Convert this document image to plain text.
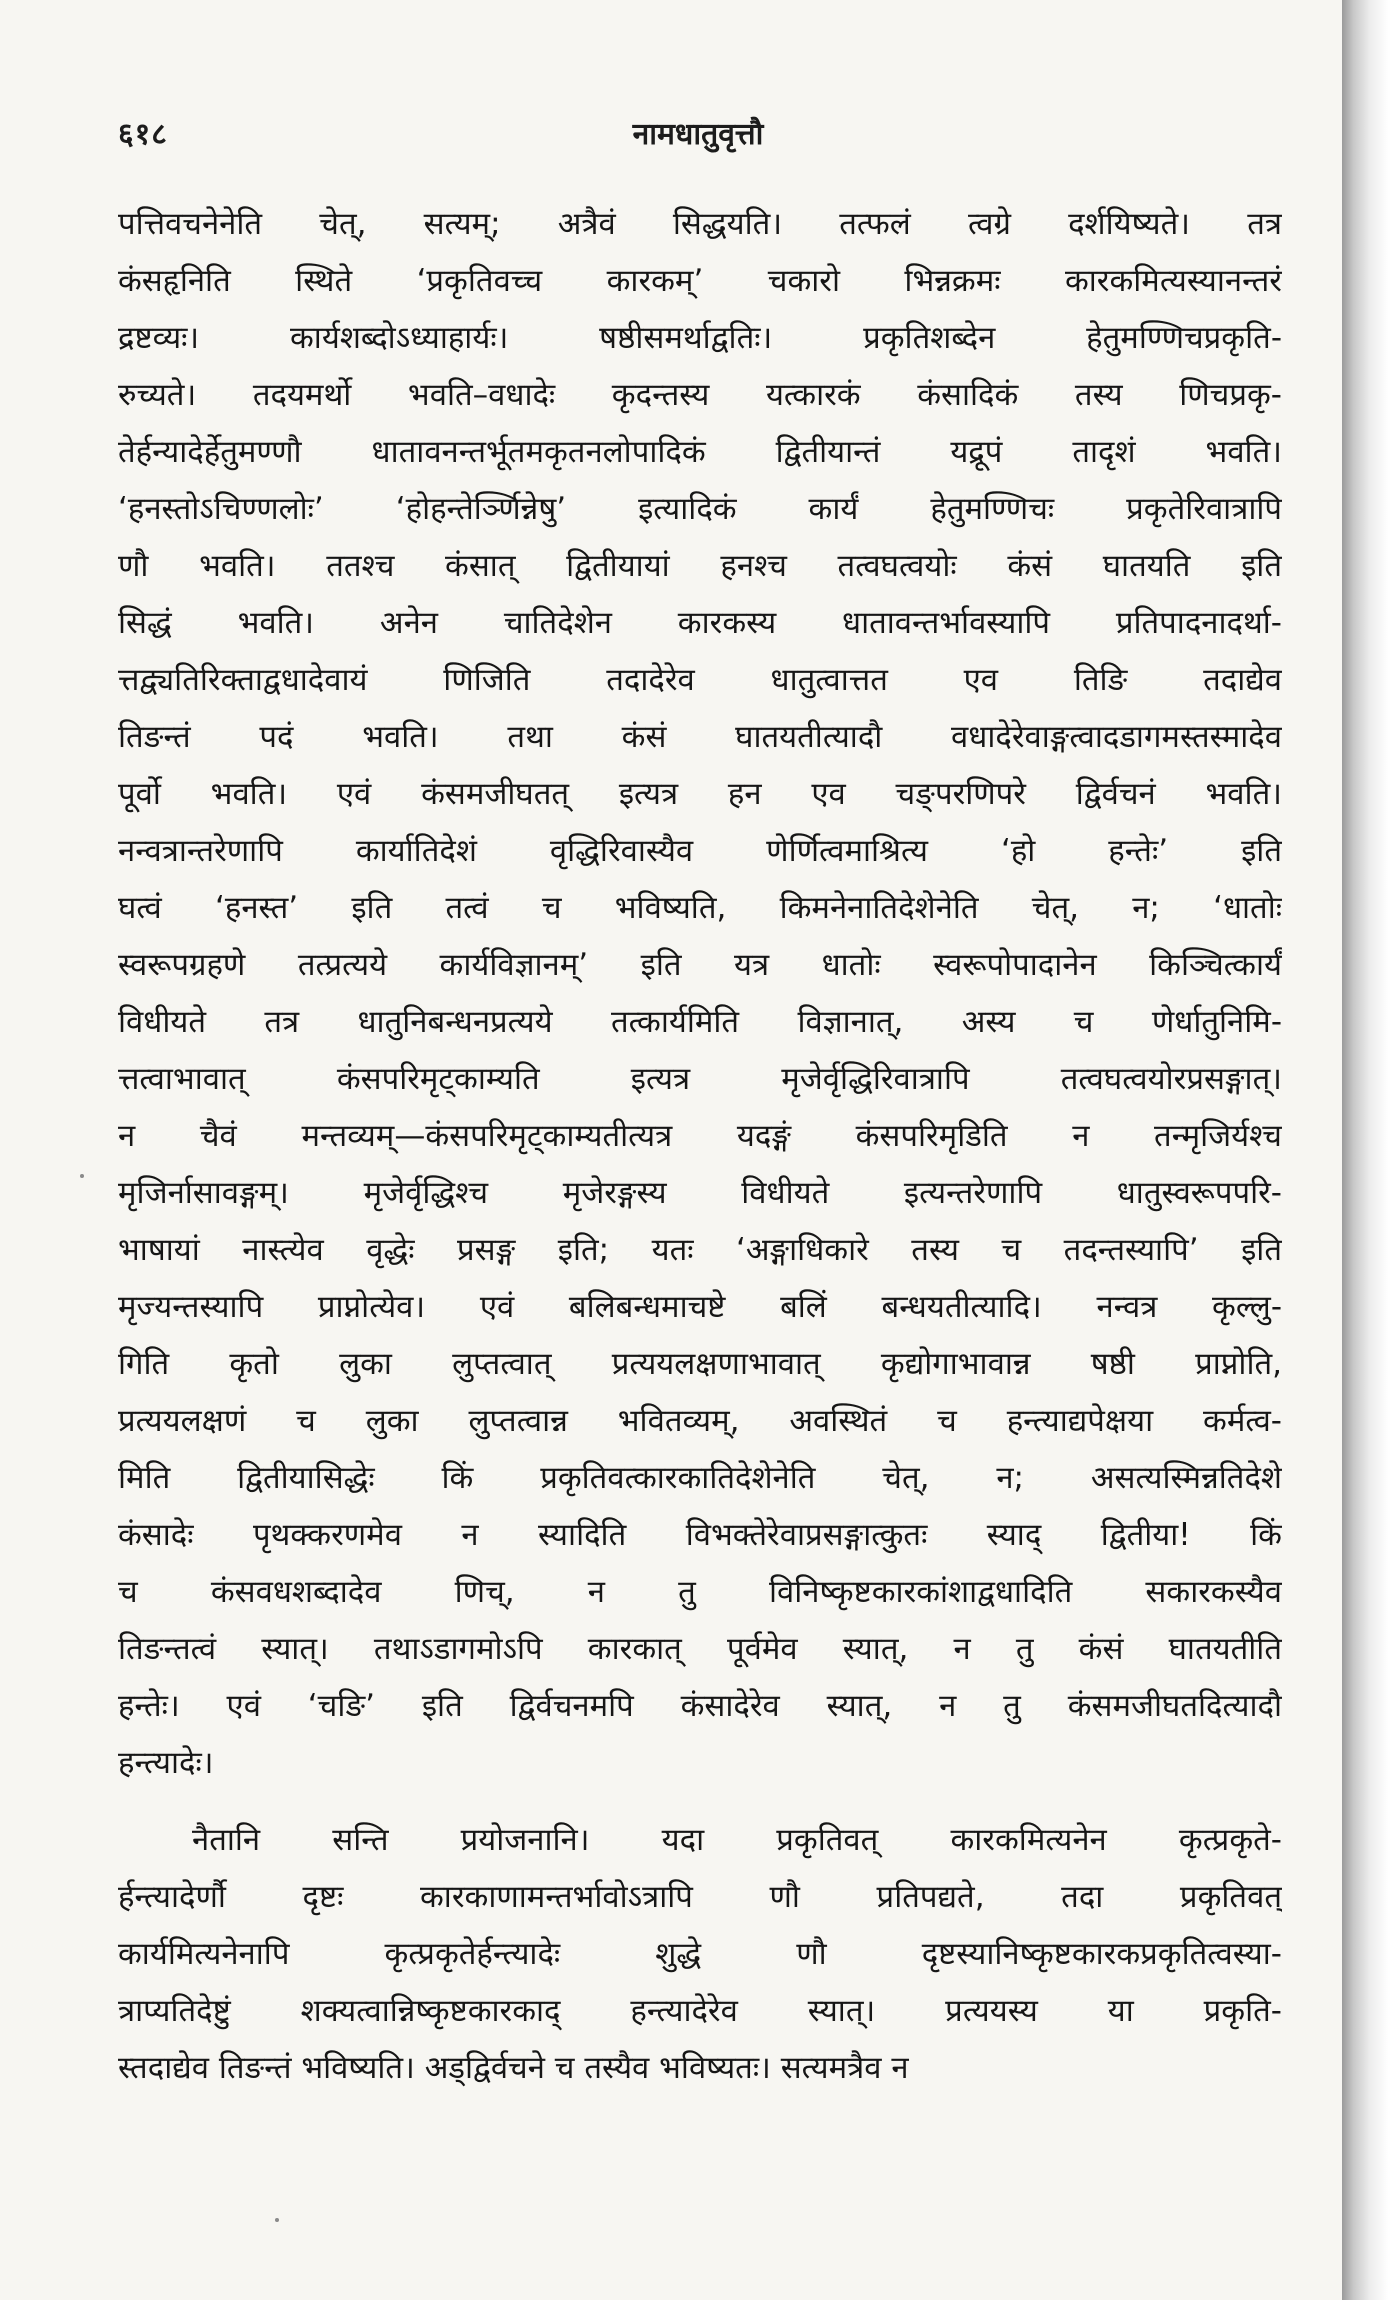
६१८	नामधातुवृत्तौ
पत्तिवचनेनेति चेत्, सत्यम्; अत्रैवं सिद्धयति। तत्फलं त्वग्रे दर्शयिष्यते। तत्र
कंसहृनिति स्थिते ‘प्रकृतिवच्च कारकम्’ चकारो भिन्नक्रमः कारकमित्यस्यानन्तरं
द्रष्टव्यः। कार्यशब्दोऽध्याहार्यः। षष्ठीसमर्थाद्वतिः। प्रकृतिशब्देन हेतुमण्णिचप्रकृति-
रुच्यते। तदयमर्थो भवति–वधादेः कृदन्तस्य यत्कारकं कंसादिकं तस्य णिचप्रकृ-
तेर्हन्यादेर्हेतुमण्णौ धातावनन्तर्भूतमकृतनलोपादिकं द्वितीयान्तं यद्रूपं तादृशं भवति।
‘हनस्तोऽचिण्णलोः’ ‘होहन्तेर्ञ्णिन्नेषु’ इत्यादिकं कार्यं हेतुमण्णिचः प्रकृतेरिवात्रापि
णौ भवति। ततश्च कंसात् द्वितीयायां हनश्च तत्वघत्वयोः कंसं घातयति इति
सिद्धं भवति। अनेन चातिदेशेन कारकस्य धातावन्तर्भावस्यापि प्रतिपादनादर्था-
त्तद्व्यतिरिक्ताद्वधादेवायं णिजिति तदादेरेव धातुत्वात्तत एव तिङि तदाद्येव
तिङन्तं पदं भवति। तथा कंसं घातयतीत्यादौ वधादेरेवाङ्गत्वादडागमस्तस्मादेव
पूर्वो भवति। एवं कंसमजीघतत् इत्यत्र हन एव चङ्परणिपरे द्विर्वचनं भवति।
नन्वत्रान्तरेणापि कार्यातिदेशं वृद्धिरिवास्यैव णेर्णित्वमाश्रित्य ‘हो हन्तेः’ इति
घत्वं ‘हनस्त’ इति तत्वं च भविष्यति, किमनेनातिदेशेनेति चेत्, न; ‘धातोः
स्वरूपग्रहणे तत्प्रत्यये कार्यविज्ञानम्’ इति यत्र धातोः स्वरूपोपादानेन किञ्चित्कार्यं
विधीयते तत्र धातुनिबन्धनप्रत्यये तत्कार्यमिति विज्ञानात्, अस्य च णेर्धातुनिमि-
त्तत्वाभावात् कंसपरिमृट्काम्यति इत्यत्र मृजेर्वृद्धिरिवात्रापि तत्वघत्वयोरप्रसङ्गात्।
न चैवं मन्तव्यम्—कंसपरिमृट्काम्यतीत्यत्र यदङ्गं कंसपरिमृडिति न तन्मृजिर्यश्च
मृजिर्नासावङ्गम्। मृजेर्वृद्धिश्च मृजेरङ्गस्य विधीयते इत्यन्तरेणापि धातुस्वरूपपरि-
भाषायां नास्त्येव वृद्धेः प्रसङ्ग इति; यतः ‘अङ्गाधिकारे तस्य च तदन्तस्यापि’ इति
मृज्यन्तस्यापि प्राप्नोत्येव। एवं बलिबन्धमाचष्टे बलिं बन्धयतीत्यादि। नन्वत्र कृल्लु-
गिति कृतो लुका लुप्तत्वात् प्रत्ययलक्षणाभावात् कृद्योगाभावान्न षष्ठी प्राप्नोति,
प्रत्ययलक्षणं च लुका लुप्तत्वान्न भवितव्यम्, अवस्थितं च हन्त्याद्यपेक्षया कर्मत्व-
मिति द्वितीयासिद्धेः किं प्रकृतिवत्कारकातिदेशेनेति चेत्, न; असत्यस्मिन्नतिदेशे
कंसादेः पृथक्करणमेव न स्यादिति विभक्तेरेवाप्रसङ्गात्कुतः स्याद् द्वितीया! किं
च कंसवधशब्दादेव णिच्, न तु विनिष्कृष्टकारकांशाद्वधादिति सकारकस्यैव
तिङन्तत्वं स्यात्। तथाऽडागमोऽपि कारकात् पूर्वमेव स्यात्, न तु कंसं घातयतीति
हन्तेः। एवं ‘चङि’ इति द्विर्वचनमपि कंसादेरेव स्यात्, न तु कंसमजीघतदित्यादौ
हन्त्यादेः।
नैतानि सन्ति प्रयोजनानि। यदा प्रकृतिवत् कारकमित्यनेन कृत्प्रकृते-
र्हन्त्यादेर्णौ दृष्टः कारकाणामन्तर्भावोऽत्रापि णौ प्रतिपद्यते, तदा प्रकृतिवत्
कार्यमित्यनेनापि कृत्प्रकृतेर्हन्त्यादेः शुद्धे णौ दृष्टस्यानिष्कृष्टकारकप्रकृतित्वस्या-
त्राप्यतिदेष्टुं शक्यत्वान्निष्कृष्टकारकाद् हन्त्यादेरेव स्यात्। प्रत्ययस्य या प्रकृति-
स्तदाद्येव तिङन्तं भविष्यति। अड्द्विर्वचने च तस्यैव भविष्यतः। सत्यमत्रैव न
